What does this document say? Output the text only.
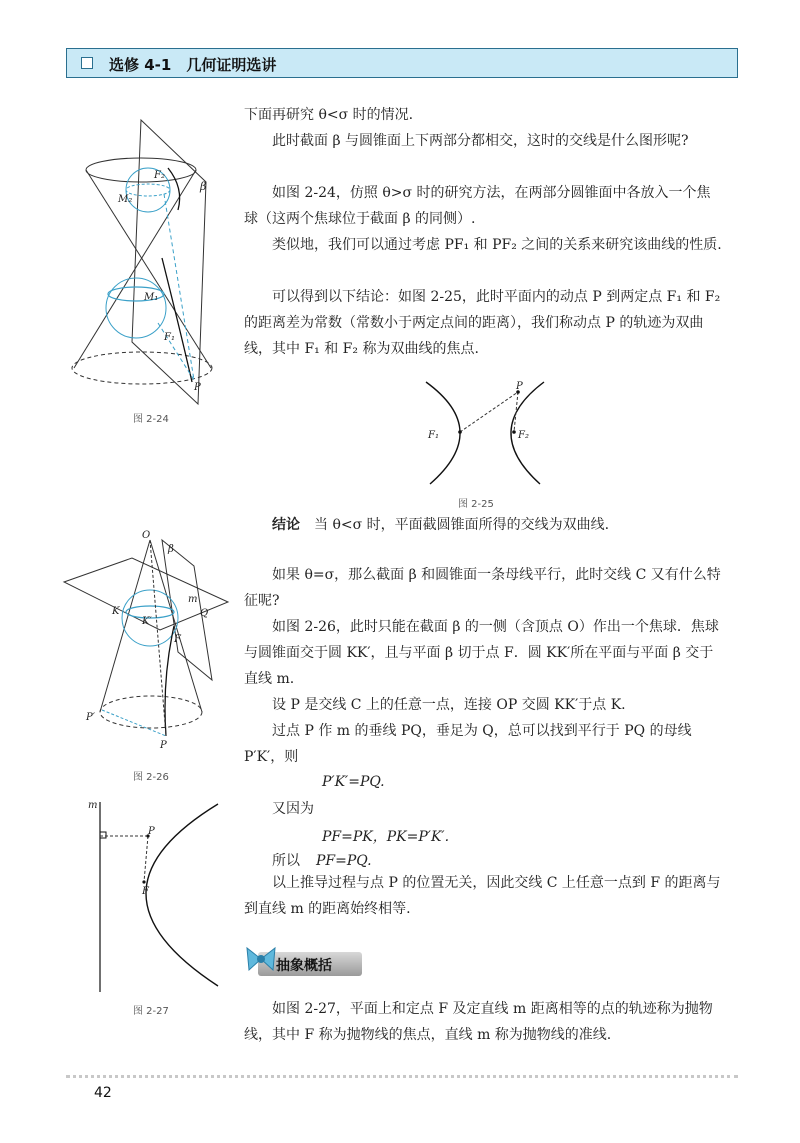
选修 4-1　几何证明选讲

下面再研究 θ<σ 时的情况.

此时截面 β 与圆锥面上下两部分都相交，这时的交线是什么图形呢?

如图 2-24，仿照 θ>σ 时的研究方法，在两部分圆锥面中各放入一个焦球（这两个焦球位于截面 β 的同侧）.

类似地，我们可以通过考虑 PF₁ 和 PF₂ 之间的关系来研究该曲线的性质.

可以得到以下结论：如图 2-25，此时平面内的动点 P 到两定点 F₁ 和 F₂ 的距离差为常数（常数小于两定点间的距离），我们称动点 P 的轨迹为双曲线，其中 F₁ 和 F₂ 称为双曲线的焦点.

β
M₂
F₂
M₁
F₁
P
图 2-24
P
F₁	F₂
图 2-25
结论 当 θ<σ 时，平面截圆锥面所得的交线为双曲线.

如果 θ=σ，那么截面 β 和圆锥面一条母线平行，此时交线 C 又有什么特征呢?

如图 2-26，此时只能在截面 β 的一侧（含顶点 O）作出一个焦球．焦球与圆锥面交于圆 KK′，且与平面 β 切于点 F．圆 KK′所在平面与平面 β 交于直线 m.

设 P 是交线 C 上的任意一点，连接 OP 交圆 KK′于点 K.

过点 P 作 m 的垂线 PQ，垂足为 Q，总可以找到平行于 PQ 的母线 P′K′，则

P′K′=PQ.

又因为

PF=PK，PK=P′K′.
所以 PF=PQ.

以上推导过程与点 P 的位置无关，因此交线 C 上任意一点到 F 的距离与到直线 m 的距离始终相等.

O
β
K
K′
m
Q
F
P′
P
图 2-26
m
P
F
抽象概括
图 2-27	如图 2-27，平面上和定点 F 及定直线 m 距离相等的点的轨迹称为抛物线，其中 F 称为抛物线的焦点，直线 m 称为抛物线的准线.

42
